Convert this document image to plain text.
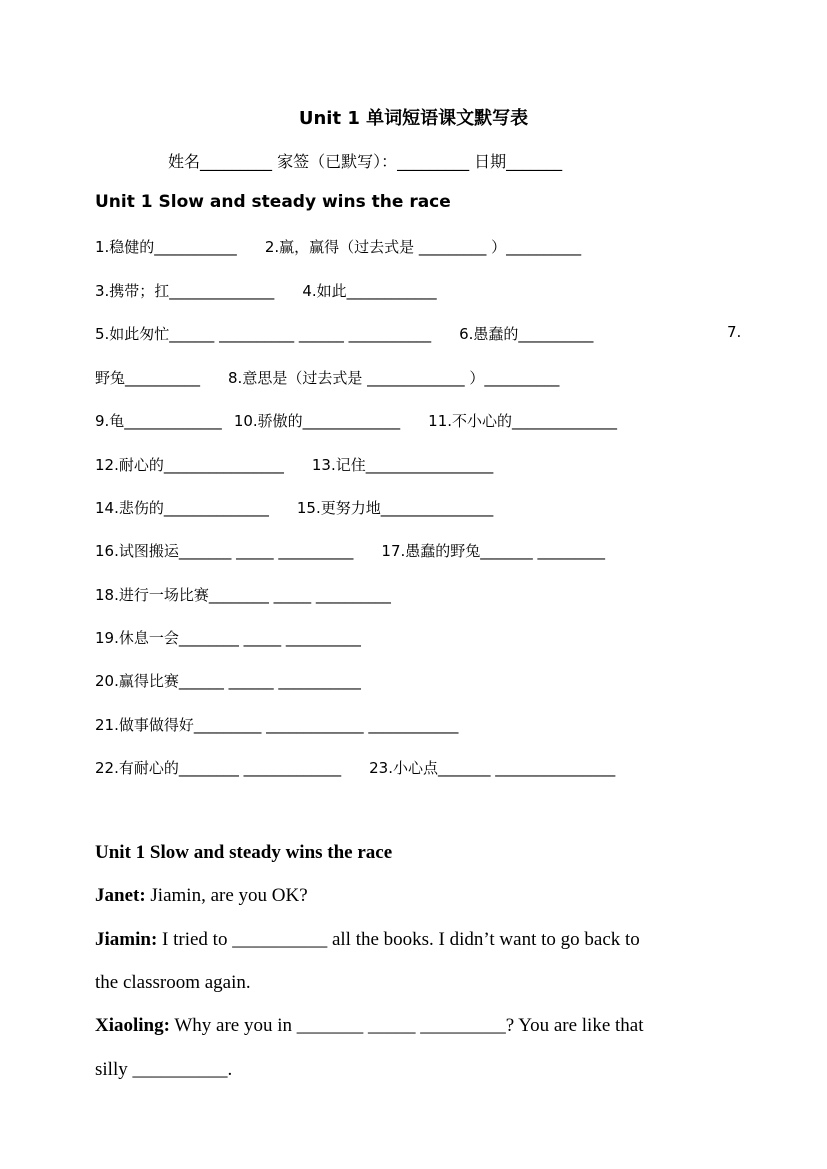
Unit 1 单词短语课文默写表
姓名_________ 家签（已默写）：_________ 日期_______
Unit 1 Slow and steady wins the race
1.稳健的___________ 2.赢，赢得（过去式是 _________ ）__________
3.携带；扛______________ 4.如此____________
5.如此匆忙______ __________ ______ ___________ 6.愚蠢的__________	7.
野兔__________ 8.意思是（过去式是 _____________ ）__________
9.龟_____________ 10.骄傲的_____________ 11.不小心的______________
12.耐心的________________ 13.记住_________________
14.悲伤的______________ 15.更努力地_______________
16.试图搬运_______ _____ __________ 17.愚蠢的野兔_______ _________
18.进行一场比赛________ _____ __________
19.休息一会________ _____ __________
20.赢得比赛______ ______ ___________
21.做事做得好_________ _____________ ____________
22.有耐心的________ _____________ 23.小心点_______ ________________
Unit 1 Slow and steady wins the race
Janet: Jiamin, are you OK?
Jiamin: I tried to __________ all the books. I didn’t want to go back to
the classroom again.
Xiaoling: Why are you in _______ _____ _________? You are like that
silly __________.
